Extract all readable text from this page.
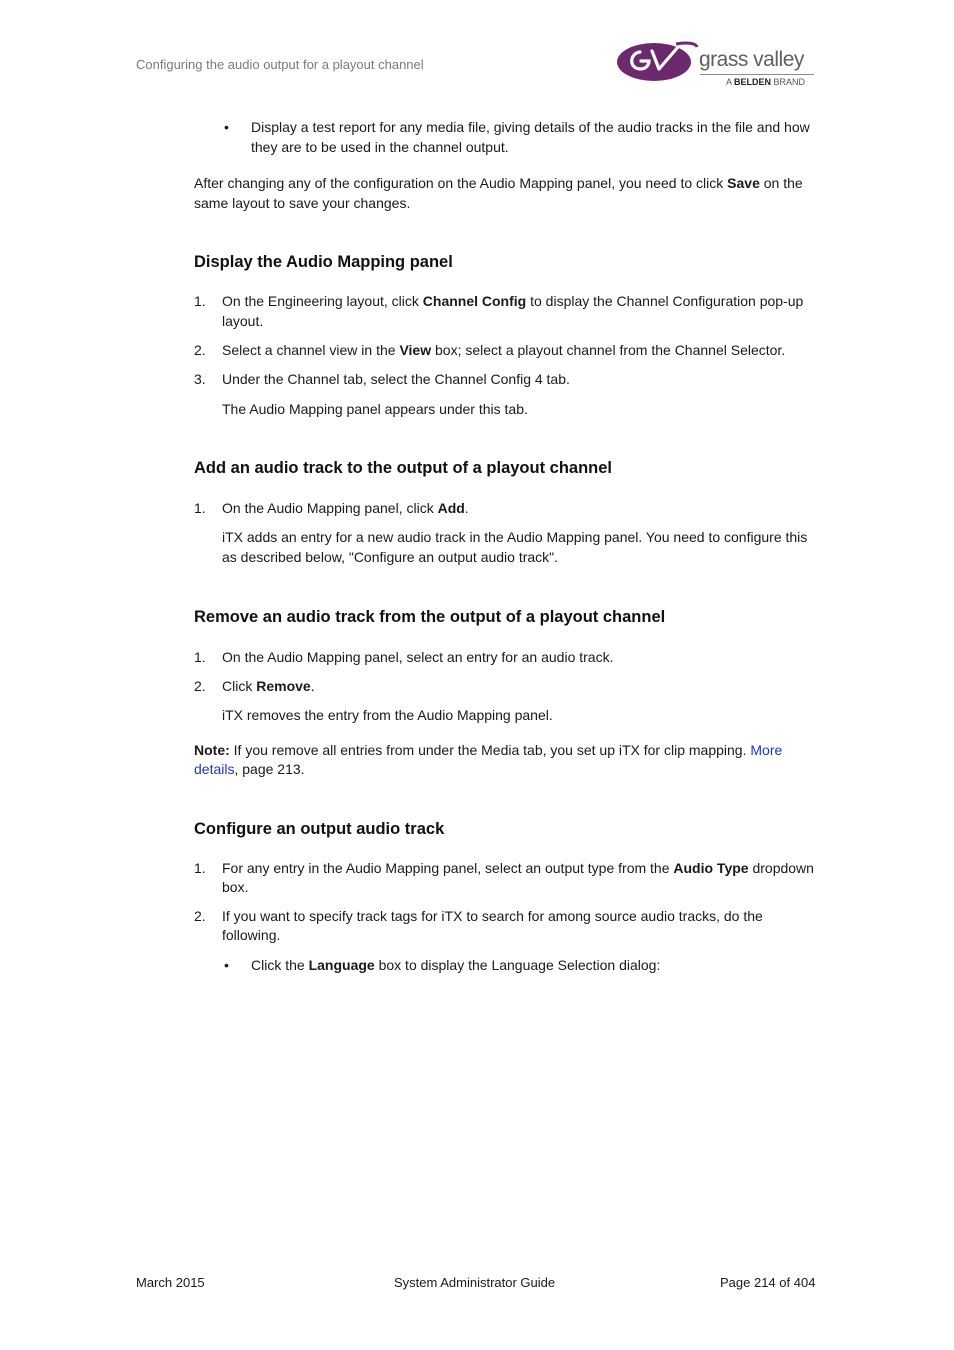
Configuring the audio output for a playout channel	grass valley
A BELDEN BRAND
• Display a test report for any media file, giving details of the audio tracks in the file and how they are to be used in the channel output.

After changing any of the configuration on the Audio Mapping panel, you need to click Save on the same layout to save your changes.

Display the Audio Mapping panel
1. On the Engineering layout, click Channel Config to display the Channel Configuration pop-up layout.
2. Select a channel view in the View box; select a playout channel from the Channel Selector.
3. Under the Channel tab, select the Channel Config 4 tab.

The Audio Mapping panel appears under this tab.

Add an audio track to the output of a playout channel
1. On the Audio Mapping panel, click Add.

iTX adds an entry for a new audio track in the Audio Mapping panel. You need to configure this as described below, "Configure an output audio track".

Remove an audio track from the output of a playout channel
1. On the Audio Mapping panel, select an entry for an audio track.
2. Click Remove.

iTX removes the entry from the Audio Mapping panel.

Note: If you remove all entries from under the Media tab, you set up iTX for clip mapping. More details, page 213.

Configure an output audio track
1. For any entry in the Audio Mapping panel, select an output type from the Audio Type dropdown box.
2. If you want to specify track tags for iTX to search for among source audio tracks, do the following.
• Click the Language box to display the Language Selection dialog:
March 2015	System Administrator Guide	Page 214 of 404
